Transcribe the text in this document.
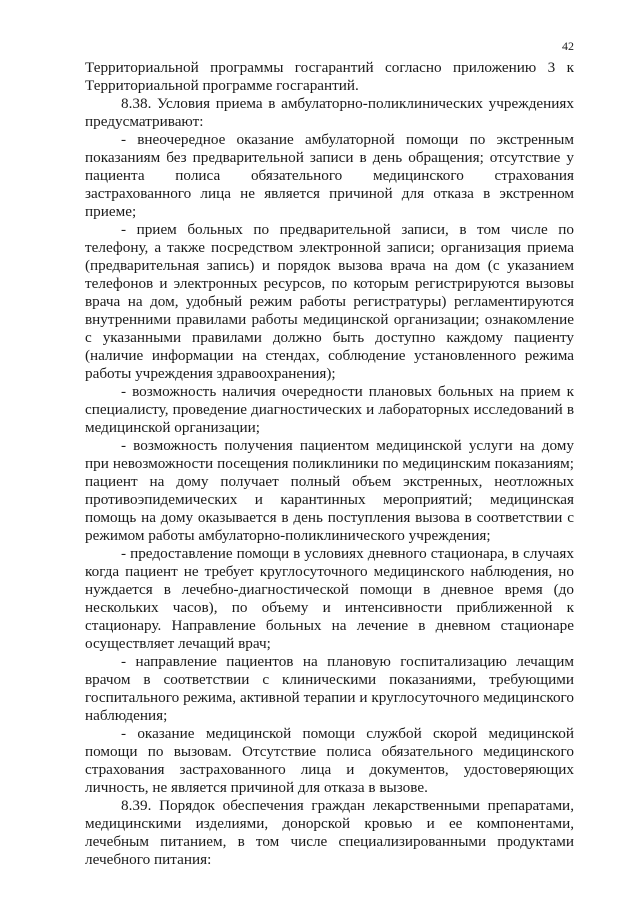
42

Территориальной программы госгарантий согласно приложению 3 к Территориальной программе госгарантий.

8.38. Условия приема в амбулаторно-поликлинических учреждениях предусматривают:

- внеочередное оказание амбулаторной помощи по экстренным показаниям без предварительной записи в день обращения; отсутствие у пациента полиса обязательного медицинского страхования застрахованного лица не является причиной для отказа в экстренном приеме;

- прием больных по предварительной записи, в том числе по телефону, а также посредством электронной записи; организация приема (предварительная запись) и порядок вызова врача на дом (с указанием телефонов и электронных ресурсов, по которым регистрируются вызовы врача на дом, удобный режим работы регистратуры) регламентируются внутренними правилами работы медицинской организации; ознакомление с указанными правилами должно быть доступно каждому пациенту (наличие информации на стендах, соблюдение установленного режима работы учреждения здравоохранения);

- возможность наличия очередности плановых больных на прием к специалисту, проведение диагностических и лабораторных исследований в медицинской организации;

- возможность получения пациентом медицинской услуги на дому при невозможности посещения поликлиники по медицинским показаниям; пациент на дому получает полный объем экстренных, неотложных противоэпидемических и карантинных мероприятий; медицинская помощь на дому оказывается в день поступления вызова в соответствии с режимом работы амбулаторно-поликлинического учреждения;

- предоставление помощи в условиях дневного стационара, в случаях когда пациент не требует круглосуточного медицинского наблюдения, но нуждается в лечебно-диагностической помощи в дневное время (до нескольких часов), по объему и интенсивности приближенной к стационару. Направление больных на лечение в дневном стационаре осуществляет лечащий врач;

- направление пациентов на плановую госпитализацию лечащим врачом в соответствии с клиническими показаниями, требующими госпитального режима, активной терапии и круглосуточного медицинского наблюдения;

- оказание медицинской помощи службой скорой медицинской помощи по вызовам. Отсутствие полиса обязательного медицинского страхования застрахованного лица и документов, удостоверяющих личность, не является причиной для отказа в вызове.

8.39. Порядок обеспечения граждан лекарственными препаратами, медицинскими изделиями, донорской кровью и ее компонентами, лечебным питанием, в том числе специализированными продуктами лечебного питания:
